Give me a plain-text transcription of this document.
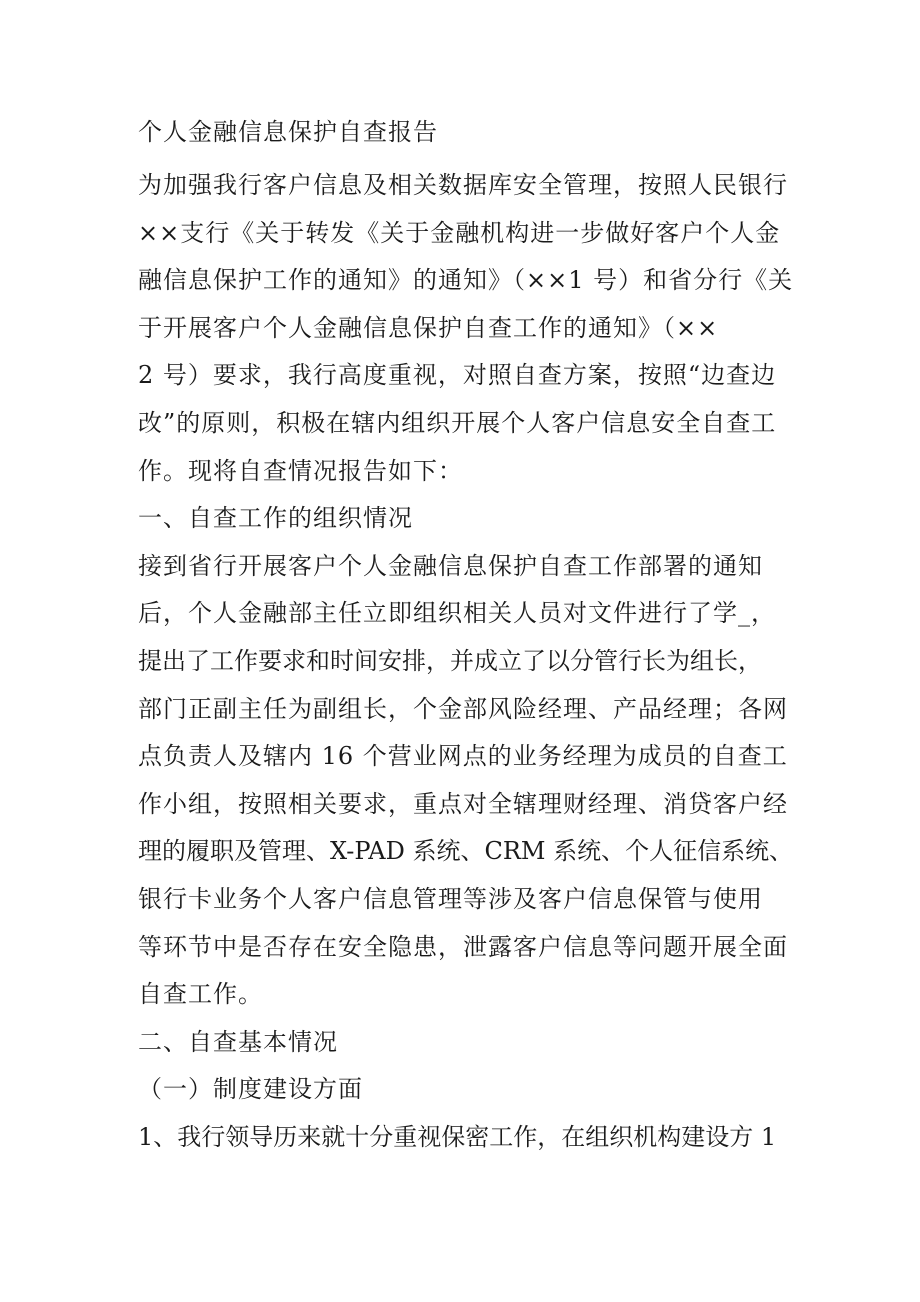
个人金融信息保护自查报告
为加强我行客户信息及相关数据库安全管理，按照人民银行
××支行《关于转发《关于金融机构进一步做好客户个人金
融信息保护工作的通知》的通知》（××1 号）和省分行《关
于开展客户个人金融信息保护自查工作的通知》（××
2 号）要求，我行高度重视，对照自查方案，按照“边查边
改”的原则，积极在辖内组织开展个人客户信息安全自查工
作。现将自查情况报告如下：
一、自查工作的组织情况
接到省行开展客户个人金融信息保护自查工作部署的通知
后，个人金融部主任立即组织相关人员对文件进行了学_，
提出了工作要求和时间安排，并成立了以分管行长为组长，
部门正副主任为副组长，个金部风险经理、产品经理；各网
点负责人及辖内 16 个营业网点的业务经理为成员的自查工
作小组，按照相关要求，重点对全辖理财经理、消贷客户经
理的履职及管理、X-PAD 系统、CRM 系统、个人征信系统、
银行卡业务个人客户信息管理等涉及客户信息保管与使用
等环节中是否存在安全隐患，泄露客户信息等问题开展全面
自查工作。
二、自查基本情况
（一）制度建设方面
1、我行领导历来就十分重视保密工作，在组织机构建设方 1
